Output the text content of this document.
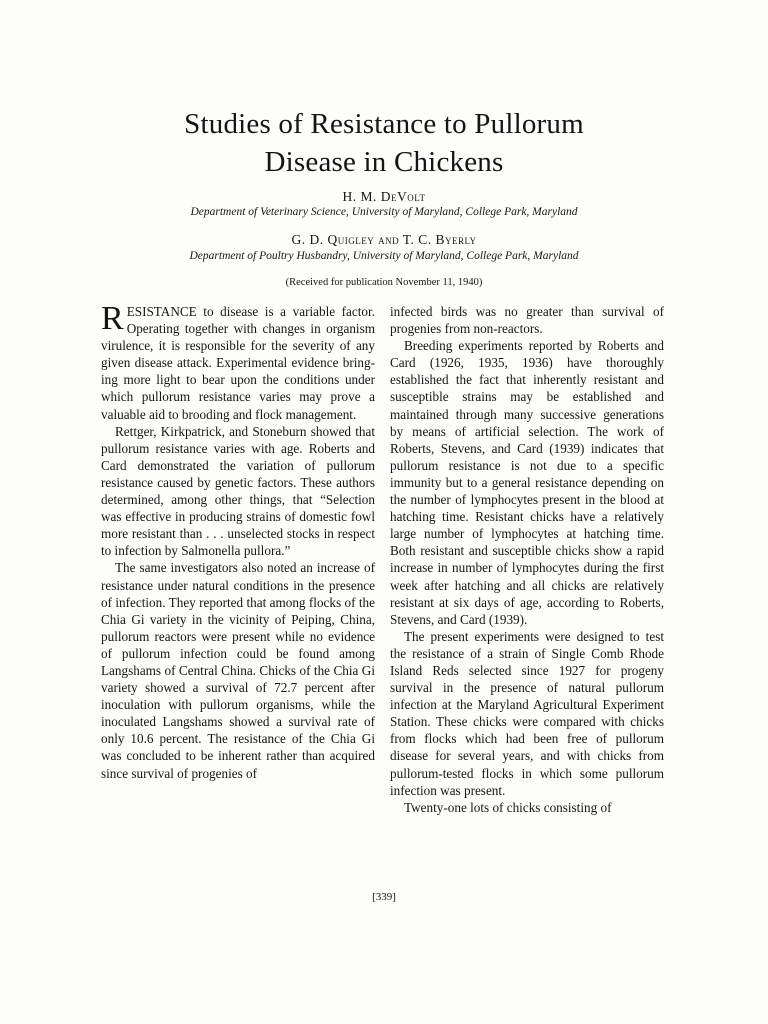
Studies of Resistance to Pullorum
Disease in Chickens
H. M. DeVolt
Department of Veterinary Science, University of Maryland, College Park, Maryland
G. D. Quigley and T. C. Byerly
Department of Poultry Husbandry, University of Maryland, College Park, Maryland
(Received for publication November 11, 1940)

RESISTANCE to disease is a variable factor. Operating together with changes in organism virulence, it is responsible for the severity of any given disease attack. Experimental evidence bringing more light to bear upon the conditions under which pullorum resistance varies may prove a valuable aid to brooding and flock management.

Rettger, Kirkpatrick, and Stoneburn showed that pullorum resistance varies with age. Roberts and Card demonstrated the variation of pullorum resistance caused by genetic factors. These authors determined, among other things, that “Selection was effective in producing strains of domestic fowl more resistant than . . . unselected stocks in respect to infection by Salmonella pullora.”

The same investigators also noted an increase of resistance under natural conditions in the presence of infection. They reported that among flocks of the Chia Gi variety in the vicinity of Peiping, China, pullorum reactors were present while no evidence of pullorum infection could be found among Langshams of Central China. Chicks of the Chia Gi variety showed a survival of 72.7 percent after inoculation with pullorum organisms, while the inoculated Langshams showed a survival rate of only 10.6 percent. The resistance of the Chia Gi was concluded to be inherent rather than acquired since survival of progenies of

infected birds was no greater than survival of progenies from non-reactors.

Breeding experiments reported by Roberts and Card (1926, 1935, 1936) have thoroughly established the fact that inherently resistant and susceptible strains may be established and maintained through many successive generations by means of artificial selection. The work of Roberts, Stevens, and Card (1939) indicates that pullorum resistance is not due to a specific immunity but to a general resistance depending on the number of lymphocytes present in the blood at hatching time. Resistant chicks have a relatively large number of lymphocytes at hatching time. Both resistant and susceptible chicks show a rapid increase in number of lymphocytes during the first week after hatching and all chicks are relatively resistant at six days of age, according to Roberts, Stevens, and Card (1939).

The present experiments were designed to test the resistance of a strain of Single Comb Rhode Island Reds selected since 1927 for progeny survival in the presence of natural pullorum infection at the Maryland Agricultural Experiment Station. These chicks were compared with chicks from flocks which had been free of pullorum disease for several years, and with chicks from pullorum-tested flocks in which some pullorum infection was present.

Twenty-one lots of chicks consisting of

[339]
